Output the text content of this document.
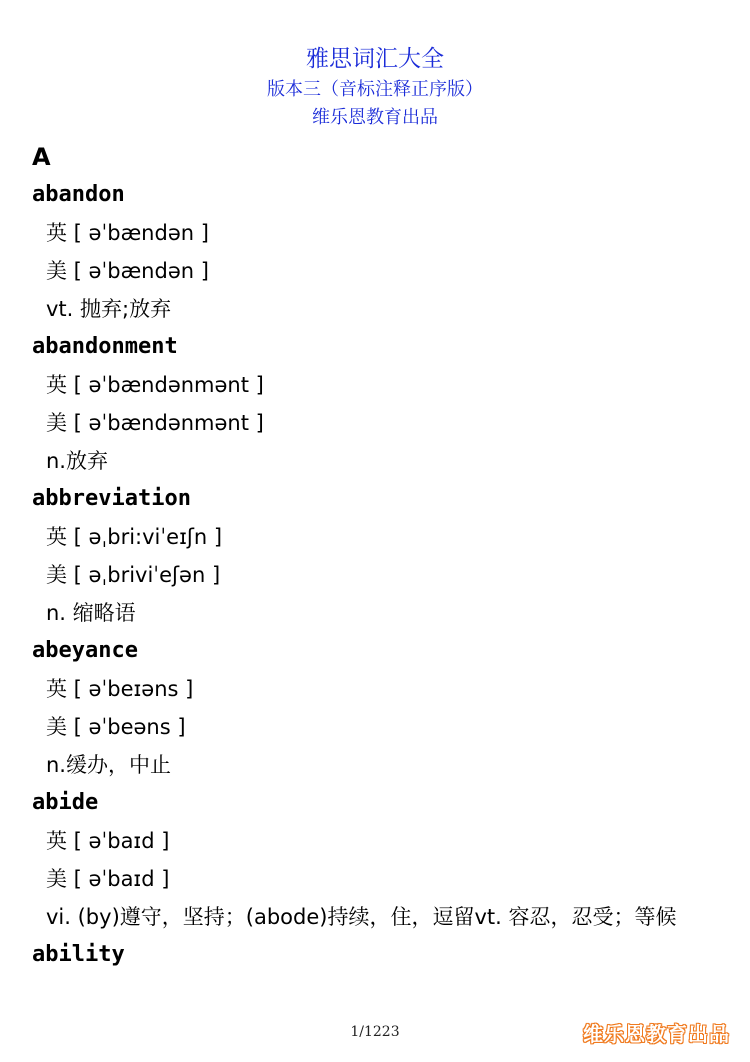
雅思词汇大全
版本三（音标注释正序版）
维乐恩教育出品
A
abandon
英 [ əˈbændən ]
美 [ əˈbændən ]
vt. 抛弃;放弃
abandonment
英 [ əˈbændənmənt ]
美 [ əˈbændənmənt ]
n.放弃
abbreviation
英 [ əˌbri:viˈeɪʃn ]
美 [ əˌbriviˈeʃən ]
n. 缩略语
abeyance
英 [ əˈbeɪəns ]
美 [ əˈbeəns ]
n.缓办，中止
abide
英 [ əˈbaɪd ]
美 [ əˈbaɪd ]
vi. (by)遵守，坚持；(abode)持续，住，逗留vt. 容忍，忍受；等候
ability
1/1223	维乐恩教育出品
